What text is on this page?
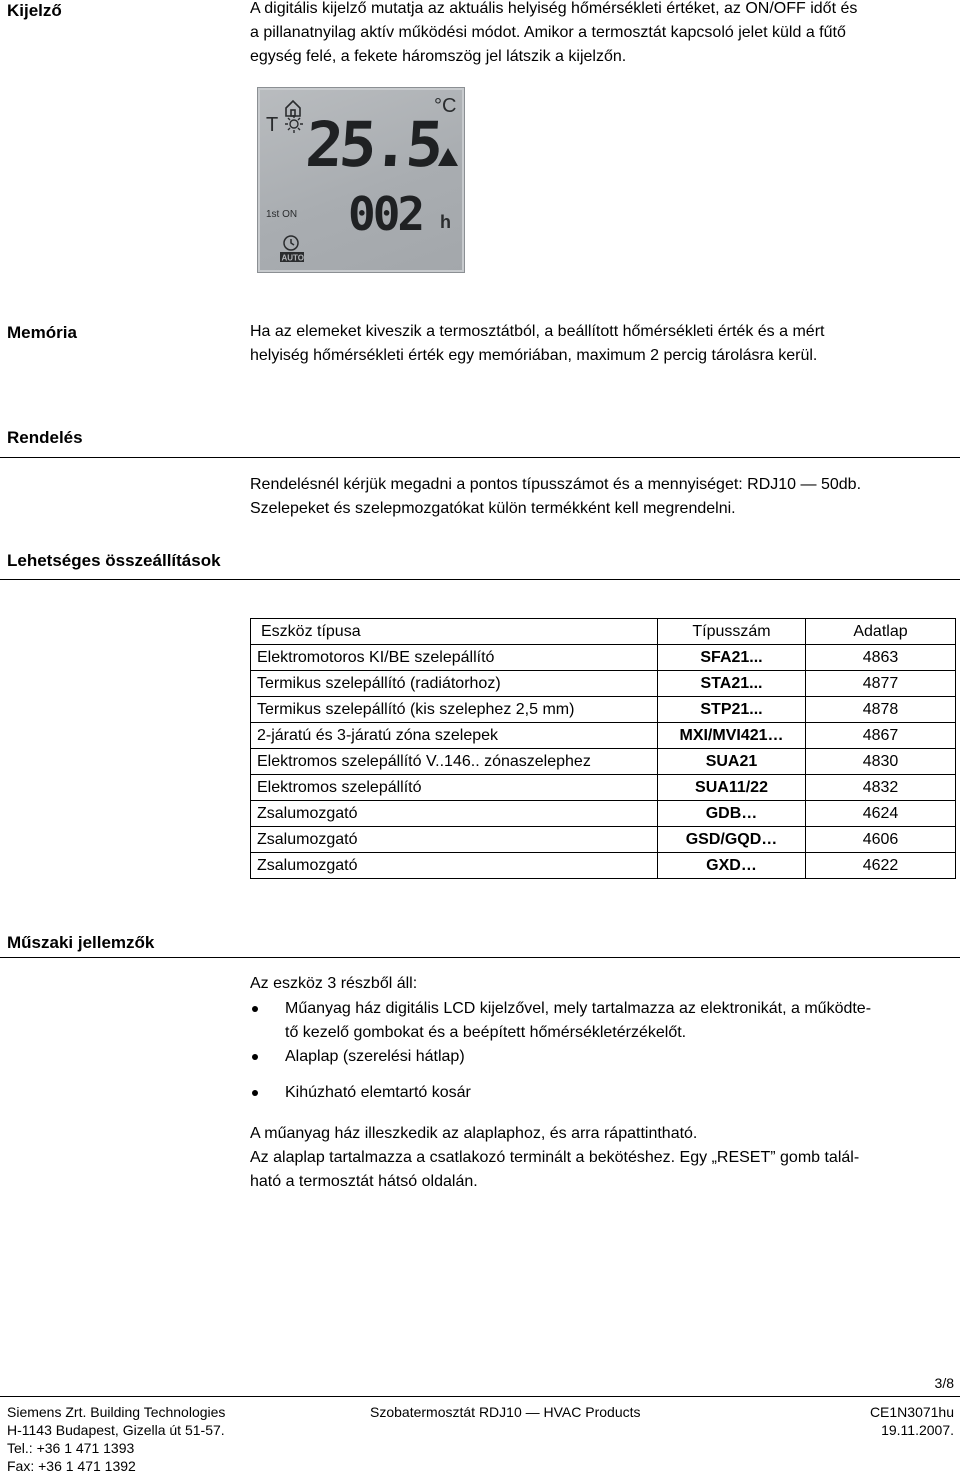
Kijelző	A digitális kijelző mutatja az aktuális helyiség hőmérsékleti értéket, az ON/OFF időt és
a pillanatnyilag aktív működési módot. Amikor a termosztát kapcsoló jelet küld a fűtő
egység felé, a fekete háromszög jel látszik a kijelzőn.
T 25.5
°C
002 h
1st ON
AUTO
Memória	Ha az elemeket kiveszik a termosztátból, a beállított hőmérsékleti érték és a mért
helyiség hőmérsékleti érték egy memóriában, maximum 2 percig tárolásra kerül.
Rendelés
Rendelésnél kérjük megadni a pontos típusszámot és a mennyiséget: RDJ10 — 50db.
Szelepeket és szelepmozgatókat külön termékként kell megrendelni.
Lehetséges összeállítások
Eszköz típusa	Típusszám	Adatlap
Elektromotoros KI/BE szelepállító	SFA21...	4863
Termikus szelepállító (radiátorhoz)	STA21...	4877
Termikus szelepállító (kis szelephez 2,5 mm)	STP21...	4878
2-járatú és 3-járatú zóna szelepek	MXI/MVI421…	4867
Elektromos szelepállító V..146.. zónaszelephez	SUA21	4830
Elektromos szelepállító	SUA11/22	4832
Zsalumozgató	GDB…	4624
Zsalumozgató	GSD/GQD…	4606
Zsalumozgató	GXD…	4622
Műszaki jellemzők
Az eszköz 3 részből áll:
Műanyag ház digitális LCD kijelzővel, mely tartalmazza az elektronikát, a működte-
tő kezelő gombokat és a beépített hőmérsékletérzékelőt.
Alaplap (szerelési hátlap)
Kihúzható elemtartó kosár
A műanyag ház illeszkedik az alaplaphoz, és arra rápattintható.
Az alaplap tartalmazza a csatlakozó terminált a bekötéshez. Egy „RESET” gomb talál-
ható a termosztát hátsó oldalán.
3/8
Siemens Zrt. Building Technologies
H-1143 Budapest, Gizella út 51-57.
Tel.: +36 1 471 1393
Fax: +36 1 471 1392
Szobatermosztát RDJ10 — HVAC Products	CE1N3071hu
19.11.2007.
